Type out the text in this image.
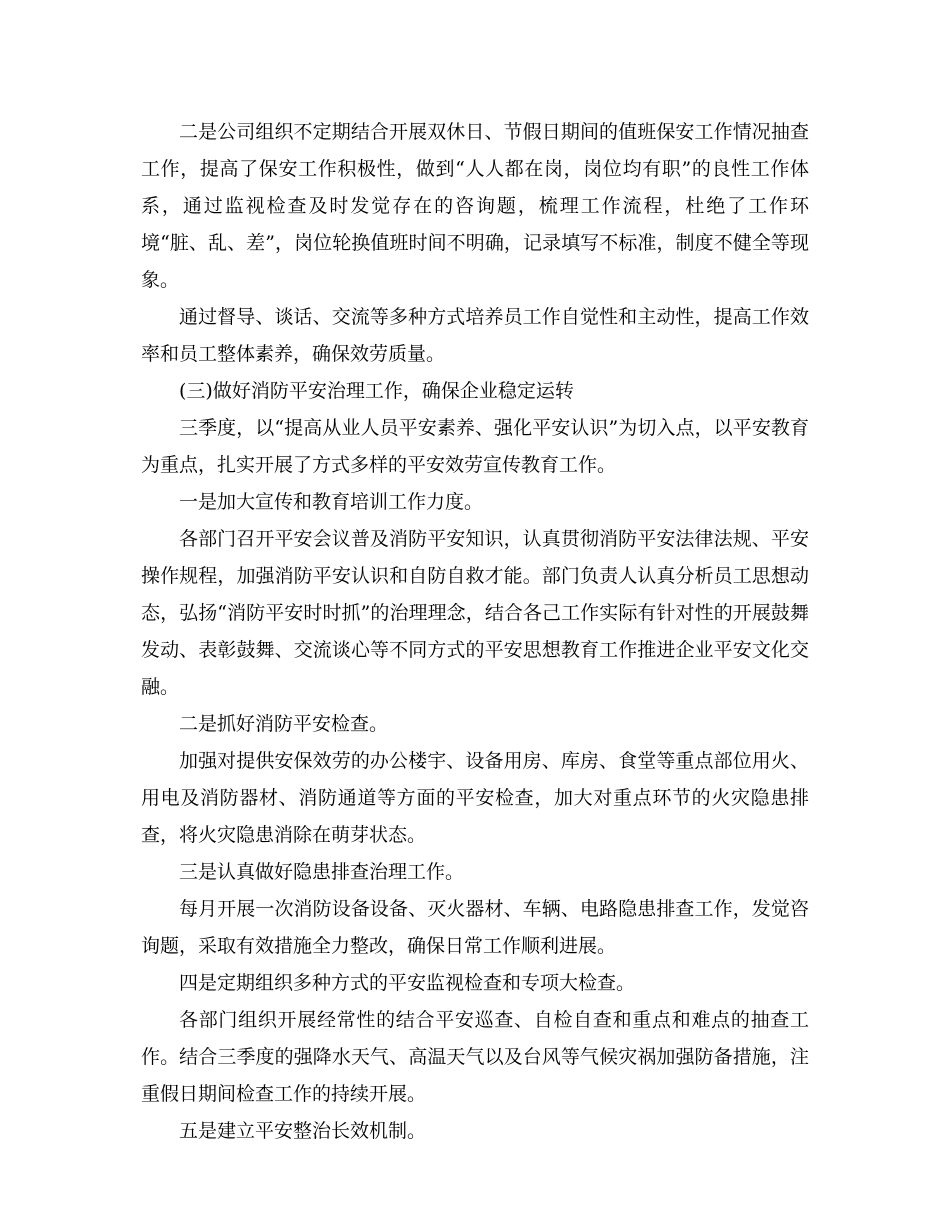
二是公司组织不定期结合开展双休日、节假日期间的值班保安工作情况抽查工作，提高了保安工作积极性，做到“人人都在岗，岗位均有职”的良性工作体系，通过监视检查及时发觉存在的咨询题，梳理工作流程，杜绝了工作环境“脏、乱、差”，岗位轮换值班时间不明确，记录填写不标准，制度不健全等现象。

通过督导、谈话、交流等多种方式培养员工作自觉性和主动性，提高工作效率和员工整体素养，确保效劳质量。

(三)做好消防平安治理工作，确保企业稳定运转

三季度，以“提高从业人员平安素养、强化平安认识”为切入点，以平安教育为重点，扎实开展了方式多样的平安效劳宣传教育工作。

一是加大宣传和教育培训工作力度。

各部门召开平安会议普及消防平安知识，认真贯彻消防平安法律法规、平安操作规程，加强消防平安认识和自防自救才能。部门负责人认真分析员工思想动态，弘扬“消防平安时时抓”的治理理念，结合各己工作实际有针对性的开展鼓舞发动、表彰鼓舞、交流谈心等不同方式的平安思想教育工作推进企业平安文化交融。

二是抓好消防平安检查。

加强对提供安保效劳的办公楼宇、设备用房、库房、食堂等重点部位用火、用电及消防器材、消防通道等方面的平安检查，加大对重点环节的火灾隐患排查，将火灾隐患消除在萌芽状态。

三是认真做好隐患排查治理工作。

每月开展一次消防设备设备、灭火器材、车辆、电路隐患排查工作，发觉咨询题，采取有效措施全力整改，确保日常工作顺利进展。

四是定期组织多种方式的平安监视检查和专项大检查。

各部门组织开展经常性的结合平安巡查、自检自查和重点和难点的抽查工作。结合三季度的强降水天气、高温天气以及台风等气候灾祸加强防备措施，注重假日期间检查工作的持续开展。

五是建立平安整治长效机制。
